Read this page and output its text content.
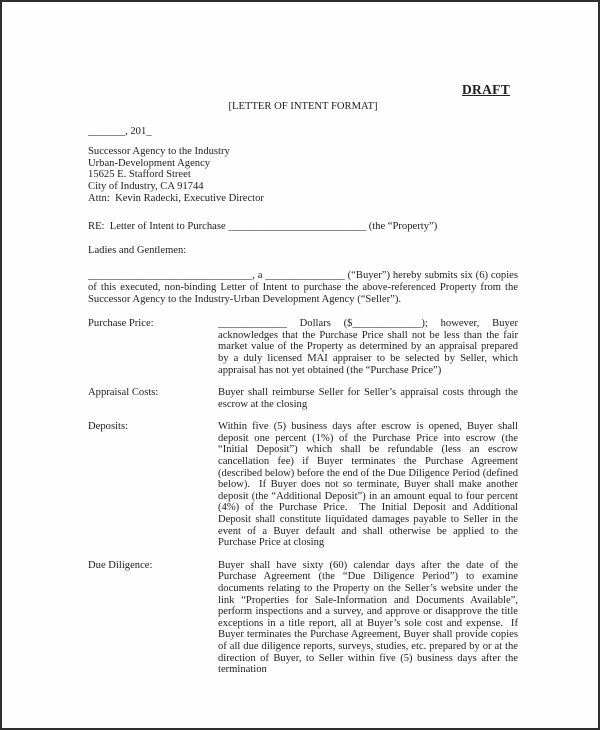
DRAFT
[LETTER OF INTENT FORMAT]
_______, 201_
Successor Agency to the Industry
Urban-Development Agency
15625 E. Stafford Street
City of Industry, CA 91744
Attn:  Kevin Radecki, Executive Director
RE:  Letter of Intent to Purchase __________________________ (the “Property”)
Ladies and Gentlemen:
_______________________________, a _______________ (“Buyer”) hereby submits six (6) copies of this executed, non-binding Letter of Intent to purchase the above-referenced Property from the Successor Agency to the Industry-Urban Development Agency (“Seller”).
Purchase Price:	_____________ Dollars ($_____________); however, Buyer acknowledges that the Purchase Price shall not be less than the fair market value of the Property as determined by an appraisal prepared by a duly licensed MAI appraiser to be selected by Seller, which appraisal has not yet obtained (the “Purchase Price”)
Appraisal Costs:	Buyer shall reimburse Seller for Seller’s appraisal costs through the escrow at the closing
Deposits:	Within five (5) business days after escrow is opened, Buyer shall deposit one percent (1%) of the Purchase Price into escrow (the “Initial Deposit”) which shall be refundable (less an escrow cancellation fee) if Buyer terminates the Purchase Agreement (described below) before the end of the Due Diligence Period (defined below).  If Buyer does not so terminate, Buyer shall make another deposit (the “Additional Deposit”) in an amount equal to four percent (4%) of the Purchase Price.  The Initial Deposit and Additional Deposit shall constitute liquidated damages payable to Seller in the event of a Buyer default and shall otherwise be applied to the Purchase Price at closing
Due Diligence:	Buyer shall have sixty (60) calendar days after the date of the Purchase Agreement (the “Due Diligence Period”) to examine documents relating to the Property on the Seller’s website under the link “Properties for Sale-Information and Documents Available”, perform inspections and a survey, and approve or disapprove the title exceptions in a title report, all at Buyer’s sole cost and expense.  If Buyer terminates the Purchase Agreement, Buyer shall provide copies of all due diligence reports, surveys, studies, etc. prepared by or at the direction of Buyer, to Seller within five (5) business days after the termination
